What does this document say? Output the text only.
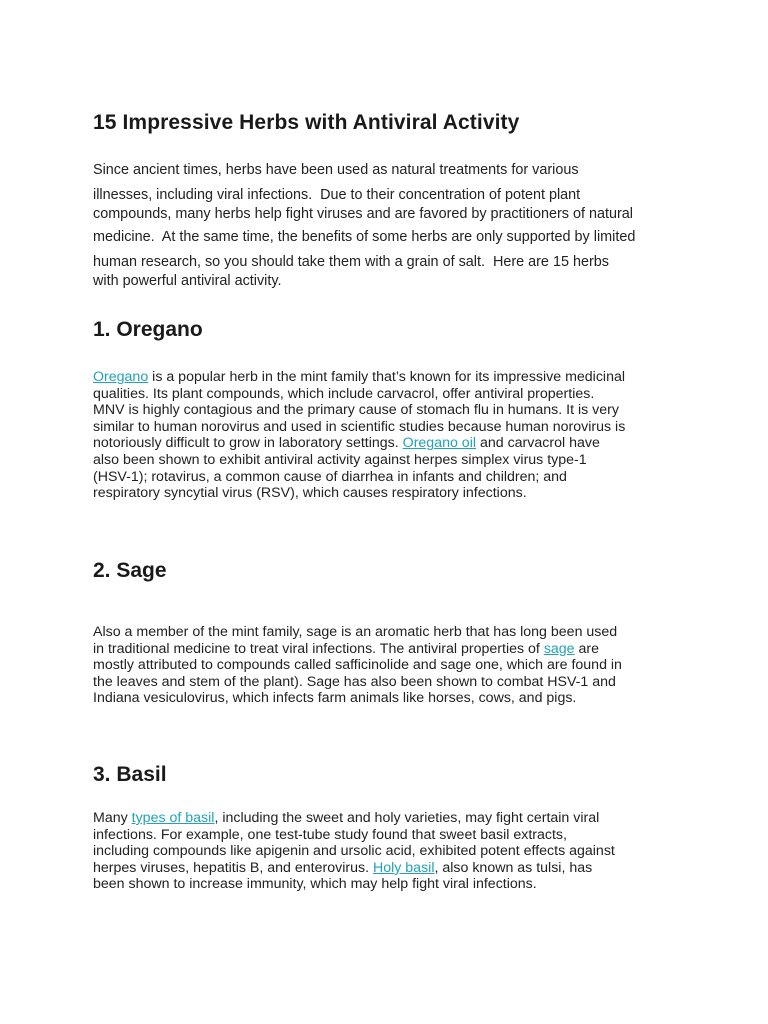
15 Impressive Herbs with Antiviral Activity
Since ancient times, herbs have been used as natural treatments for various
illnesses, including viral infections.  Due to their concentration of potent plant
compounds, many herbs help fight viruses and are favored by practitioners of natural
medicine.  At the same time, the benefits of some herbs are only supported by limited
human research, so you should take them with a grain of salt.  Here are 15 herbs
with powerful antiviral activity.
1. Oregano
Oregano is a popular herb in the mint family that’s known for its impressive medicinal
qualities. Its plant compounds, which include carvacrol, offer antiviral properties.
MNV is highly contagious and the primary cause of stomach flu in humans. It is very
similar to human norovirus and used in scientific studies because human norovirus is
notoriously difficult to grow in laboratory settings. Oregano oil and carvacrol have
also been shown to exhibit antiviral activity against herpes simplex virus type-1
(HSV-1); rotavirus, a common cause of diarrhea in infants and children; and
respiratory syncytial virus (RSV), which causes respiratory infections.
2. Sage
Also a member of the mint family, sage is an aromatic herb that has long been used
in traditional medicine to treat viral infections. The antiviral properties of sage are
mostly attributed to compounds called safficinolide and sage one, which are found in
the leaves and stem of the plant). Sage has also been shown to combat HSV-1 and
Indiana vesiculovirus, which infects farm animals like horses, cows, and pigs.
3. Basil
Many types of basil, including the sweet and holy varieties, may fight certain viral
infections. For example, one test-tube study found that sweet basil extracts,
including compounds like apigenin and ursolic acid, exhibited potent effects against
herpes viruses, hepatitis B, and enterovirus. Holy basil, also known as tulsi, has
been shown to increase immunity, which may help fight viral infections.
